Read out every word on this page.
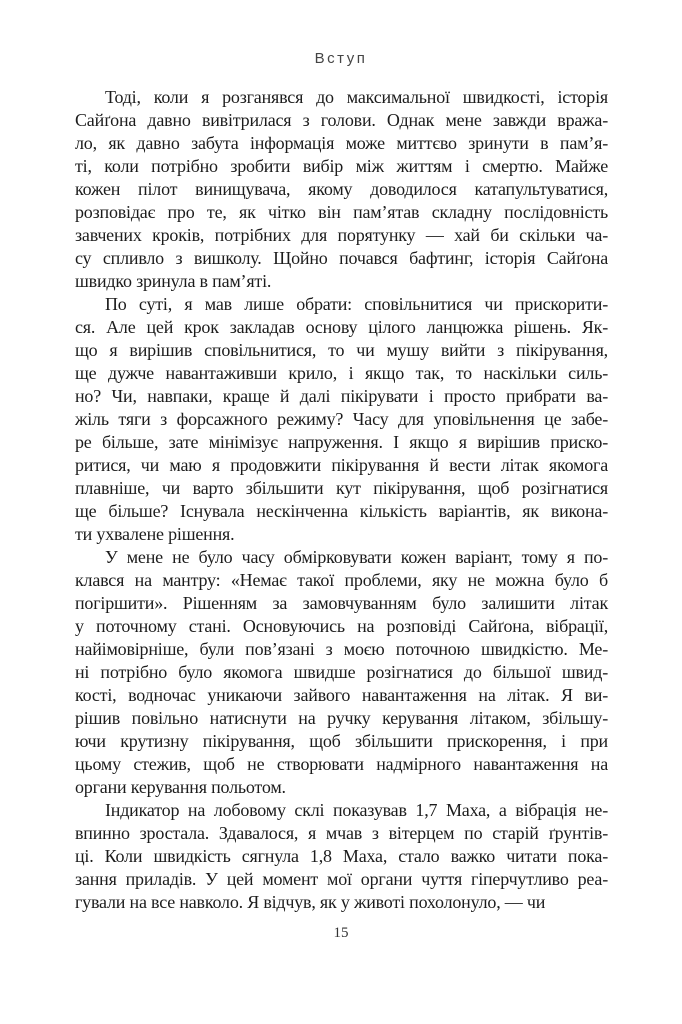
Вступ

Тоді, коли я розганявся до максимальної швидкості, історія
Сайґона давно вивітрилася з голови. Однак мене завжди вража-
ло, як давно забута інформація може миттєво зринути в пам’я-
ті, коли потрібно зробити вибір між життям і смертю. Майже
кожен пілот винищувача, якому доводилося катапультуватися,
розповідає про те, як чітко він пам’ятав складну послідовність
завчених кроків, потрібних для порятунку — хай би скільки ча-
су спливло з вишколу. Щойно почався бафтинг, історія Сайґона
швидко зринула в пам’яті.

По суті, я мав лише обрати: сповільнитися чи прискорити-
ся. Але цей крок закладав основу цілого ланцюжка рішень. Як-
що я вирішив сповільнитися, то чи мушу вийти з пікірування,
ще дужче навантаживши крило, і якщо так, то наскільки силь-
но? Чи, навпаки, краще й далі пікірувати і просто прибрати ва-
жіль тяги з форсажного режиму? Часу для уповільнення це забе-
ре більше, зате мінімізує напруження. І якщо я вирішив приско-
ритися, чи маю я продовжити пікірування й вести літак якомога
плавніше, чи варто збільшити кут пікірування, щоб розігнатися
ще більше? Існувала нескінченна кількість варіантів, як викона-
ти ухвалене рішення.

У мене не було часу обмірковувати кожен варіант, тому я по-
клався на мантру: «Немає такої проблеми, яку не можна було б
погіршити». Рішенням за замовчуванням було залишити літак
у поточному стані. Основуючись на розповіді Сайґона, вібрації,
найімовірніше, були пов’язані з моєю поточною швидкістю. Ме-
ні потрібно було якомога швидше розігнатися до більшої швид-
кості, водночас уникаючи зайвого навантаження на літак. Я ви-
рішив повільно натиснути на ручку керування літаком, збільшу-
ючи крутизну пікірування, щоб збільшити прискорення, і при
цьому стежив, щоб не створювати надмірного навантаження на
органи керування польотом.

Індикатор на лобовому склі показував 1,7 Маха, а вібрація не-
впинно зростала. Здавалося, я мчав з вітерцем по старій ґрунтів-
ці. Коли швидкість сягнула 1,8 Маха, стало важко читати пока-
зання приладів. У цей момент мої органи чуття гіперчутливо реа-
гували на все навколо. Я відчув, як у животі похолонуло, — чи

15
